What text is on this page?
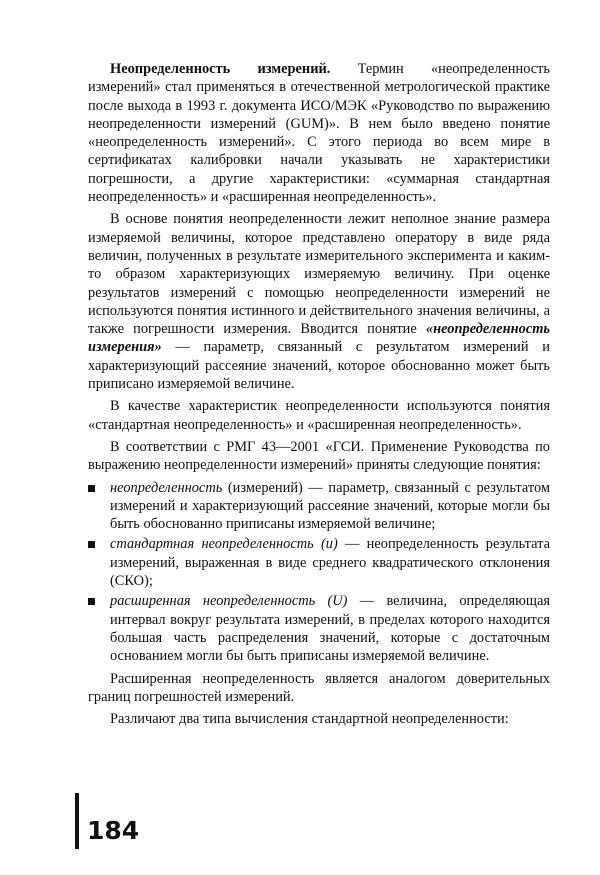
Неопределенность измерений. Термин «неопределенность измерений» стал применяться в отечественной метрологической практике после выхода в 1993 г. документа ИСО/МЭК «Руководство по выражению неопределенности измерений (GUM)». В нем было введено понятие «неопределенность измерений». С этого периода во всем мире в сертификатах калибровки начали указывать не характеристики погрешности, а другие характеристики: «суммарная стандартная неопределенность» и «расширенная неопределенность».

В основе понятия неопределенности лежит неполное знание размера измеряемой величины, которое представлено оператору в виде ряда величин, полученных в результате измерительного эксперимента и каким-то образом характеризующих измеряемую величину. При оценке результатов измерений с помощью неопределенности измерений не используются понятия истинного и действительного значения величины, а также погрешности измерения. Вводится понятие «неопределенность измерения» — параметр, связанный с результатом измерений и характеризующий рассеяние значений, которое обоснованно может быть приписано измеряемой величине.

В качестве характеристик неопределенности используются понятия «стандартная неопределенность» и «расширенная неопределенность».

В соответствии с РМГ 43—2001 «ГСИ. Применение Руководства по выражению неопределенности измерений» приняты следующие понятия:

неопределенность (измерений) — параметр, связанный с результатом измерений и характеризующий рассеяние значений, которые могли бы быть обоснованно приписаны измеряемой величине;
стандартная неопределенность (u) — неопределенность результата измерений, выраженная в виде среднего квадратического отклонения (СКО);
расширенная неопределенность (U) — величина, определяющая интервал вокруг результата измерений, в пределах которого находится большая часть распределения значений, которые с достаточным основанием могли бы быть приписаны измеряемой величине.

Расширенная неопределенность является аналогом доверительных границ погрешностей измерений.

Различают два типа вычисления стандартной неопределенности:

184
